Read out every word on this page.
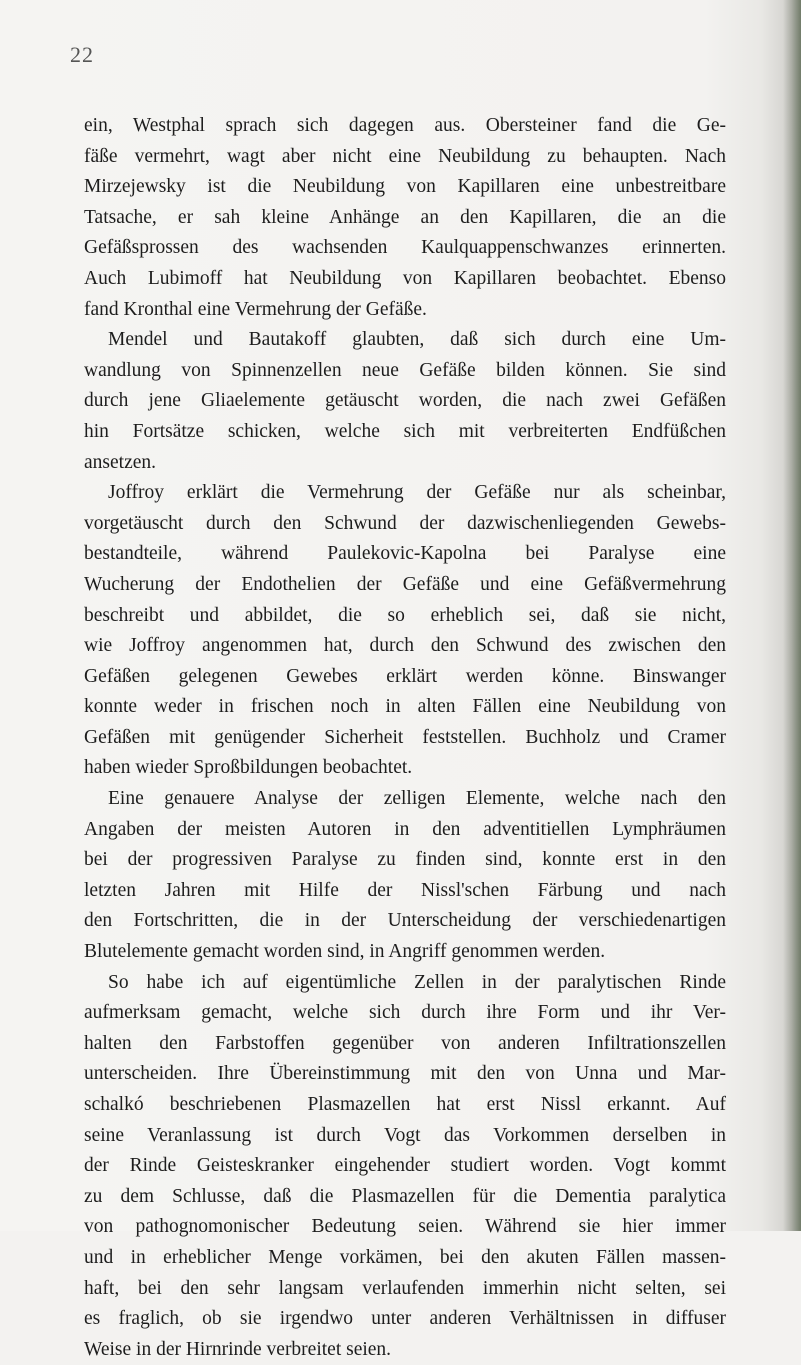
22
ein, Westphal sprach sich dagegen aus. Obersteiner fand die Ge-
fäße vermehrt, wagt aber nicht eine Neubildung zu behaupten. Nach
Mirzejewsky ist die Neubildung von Kapillaren eine unbestreitbare
Tatsache, er sah kleine Anhänge an den Kapillaren, die an die
Gefäßsprossen des wachsenden Kaulquappenschwanzes erinnerten.
Auch Lubimoff hat Neubildung von Kapillaren beobachtet. Ebenso
fand Kronthal eine Vermehrung der Gefäße.
Mendel und Bautakoff glaubten, daß sich durch eine Um-
wandlung von Spinnenzellen neue Gefäße bilden können. Sie sind
durch jene Gliaelemente getäuscht worden, die nach zwei Gefäßen
hin Fortsätze schicken, welche sich mit verbreiterten Endfüßchen
ansetzen.
Joffroy erklärt die Vermehrung der Gefäße nur als scheinbar,
vorgetäuscht durch den Schwund der dazwischenliegenden Gewebs-
bestandteile, während Paulekovic-Kapolna bei Paralyse eine
Wucherung der Endothelien der Gefäße und eine Gefäßvermehrung
beschreibt und abbildet, die so erheblich sei, daß sie nicht,
wie Joffroy angenommen hat, durch den Schwund des zwischen den
Gefäßen gelegenen Gewebes erklärt werden könne. Binswanger
konnte weder in frischen noch in alten Fällen eine Neubildung von
Gefäßen mit genügender Sicherheit feststellen. Buchholz und Cramer
haben wieder Sproßbildungen beobachtet.
Eine genauere Analyse der zelligen Elemente, welche nach den
Angaben der meisten Autoren in den adventitiellen Lymphräumen
bei der progressiven Paralyse zu finden sind, konnte erst in den
letzten Jahren mit Hilfe der Nissl'schen Färbung und nach
den Fortschritten, die in der Unterscheidung der verschiedenartigen
Blutelemente gemacht worden sind, in Angriff genommen werden.
So habe ich auf eigentümliche Zellen in der paralytischen Rinde
aufmerksam gemacht, welche sich durch ihre Form und ihr Ver-
halten den Farbstoffen gegenüber von anderen Infiltrationszellen
unterscheiden. Ihre Übereinstimmung mit den von Unna und Mar-
schalkó beschriebenen Plasmazellen hat erst Nissl erkannt. Auf
seine Veranlassung ist durch Vogt das Vorkommen derselben in
der Rinde Geisteskranker eingehender studiert worden. Vogt kommt
zu dem Schlusse, daß die Plasmazellen für die Dementia paralytica
von pathognomonischer Bedeutung seien. Während sie hier immer
und in erheblicher Menge vorkämen, bei den akuten Fällen massen-
haft, bei den sehr langsam verlaufenden immerhin nicht selten, sei
es fraglich, ob sie irgendwo unter anderen Verhältnissen in diffuser
Weise in der Hirnrinde verbreitet seien.
